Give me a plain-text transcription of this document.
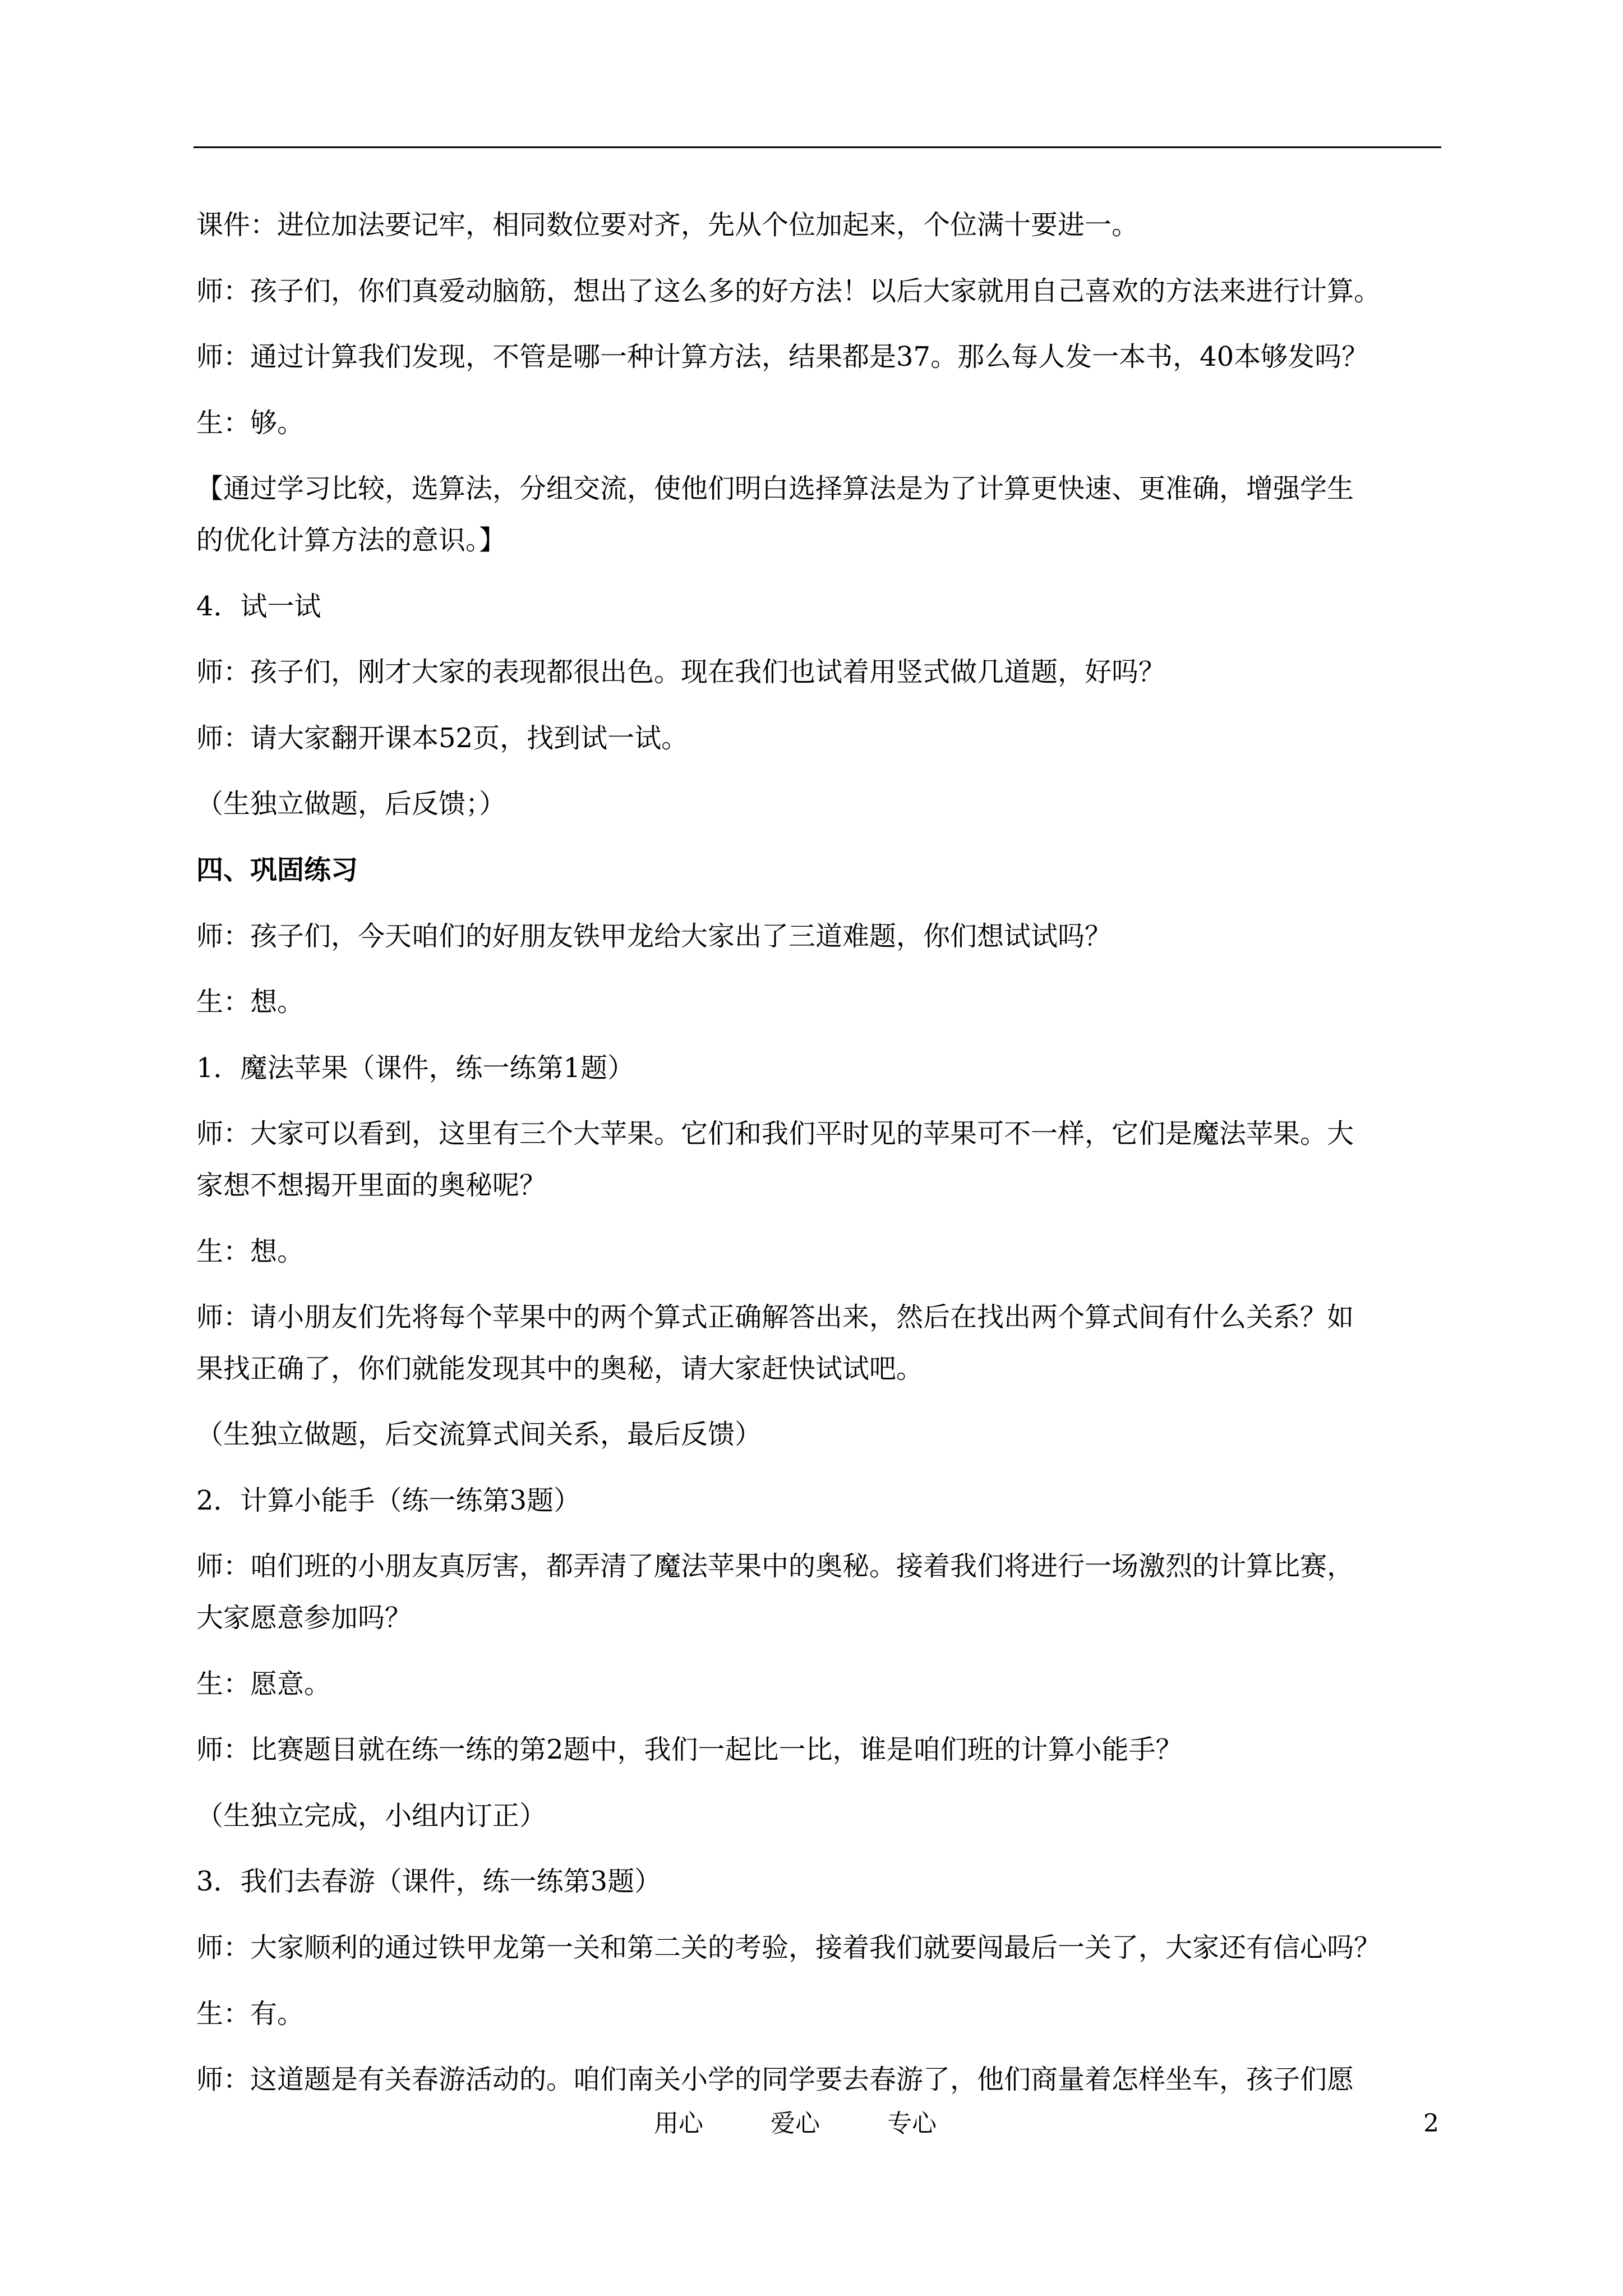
课件：进位加法要记牢，相同数位要对齐，先从个位加起来，个位满十要进一。
师：孩子们，你们真爱动脑筋，想出了这么多的好方法！以后大家就用自己喜欢的方法来进行计算。
师：通过计算我们发现，不管是哪一种计算方法，结果都是37。那么每人发一本书，40本够发吗？
生：够。
【通过学习比较，选算法，分组交流，使他们明白选择算法是为了计算更快速、更准确，增强学生
的优化计算方法的意识。】
4．试一试
师：孩子们，刚才大家的表现都很出色。现在我们也试着用竖式做几道题，好吗？
师：请大家翻开课本52页，找到试一试。
（生独立做题，后反馈；）
四、巩固练习
师：孩子们，今天咱们的好朋友铁甲龙给大家出了三道难题，你们想试试吗？
生：想。
1．魔法苹果（课件，练一练第1题）
师：大家可以看到，这里有三个大苹果。它们和我们平时见的苹果可不一样，它们是魔法苹果。大
家想不想揭开里面的奥秘呢？
生：想。
师：请小朋友们先将每个苹果中的两个算式正确解答出来，然后在找出两个算式间有什么关系？如
果找正确了，你们就能发现其中的奥秘，请大家赶快试试吧。
（生独立做题，后交流算式间关系，最后反馈）
2．计算小能手（练一练第3题）
师：咱们班的小朋友真厉害，都弄清了魔法苹果中的奥秘。接着我们将进行一场激烈的计算比赛，
大家愿意参加吗？
生：愿意。
师：比赛题目就在练一练的第2题中，我们一起比一比，谁是咱们班的计算小能手？
（生独立完成，小组内订正）
3．我们去春游（课件，练一练第3题）
师：大家顺利的通过铁甲龙第一关和第二关的考验，接着我们就要闯最后一关了，大家还有信心吗？
生：有。
师：这道题是有关春游活动的。咱们南关小学的同学要去春游了，他们商量着怎样坐车，孩子们愿
用心	爱心	专心	2
